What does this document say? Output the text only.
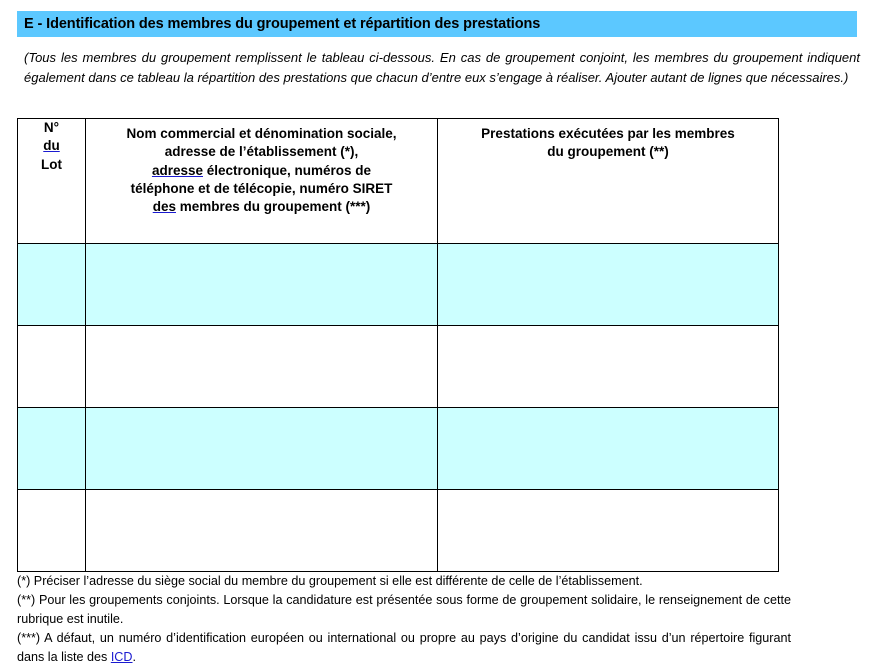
E - Identification des membres du groupement et répartition des prestations
(Tous les membres du groupement remplissent le tableau ci-dessous. En cas de groupement conjoint, les membres du groupement indiquent également dans ce tableau la répartition des prestations que chacun d’entre eux s’engage à réaliser. Ajouter autant de lignes que nécessaires.)
N°
du
Lot

Nom commercial et dénomination sociale,
adresse de l’établissement (*),
adresse électronique, numéros de
téléphone et de télécopie, numéro SIRET
des membres du groupement (***)

Prestations exécutées par les membres
du groupement (**)

(*) Préciser l’adresse du siège social du membre du groupement si elle est différente de celle de l’établissement.

(**) Pour les groupements conjoints. Lorsque la candidature est présentée sous forme de groupement solidaire, le renseignement de cette rubrique est inutile.

(***) A défaut, un numéro d’identification européen ou international ou propre au pays d’origine du candidat issu d’un répertoire figurant dans la liste des ICD.
